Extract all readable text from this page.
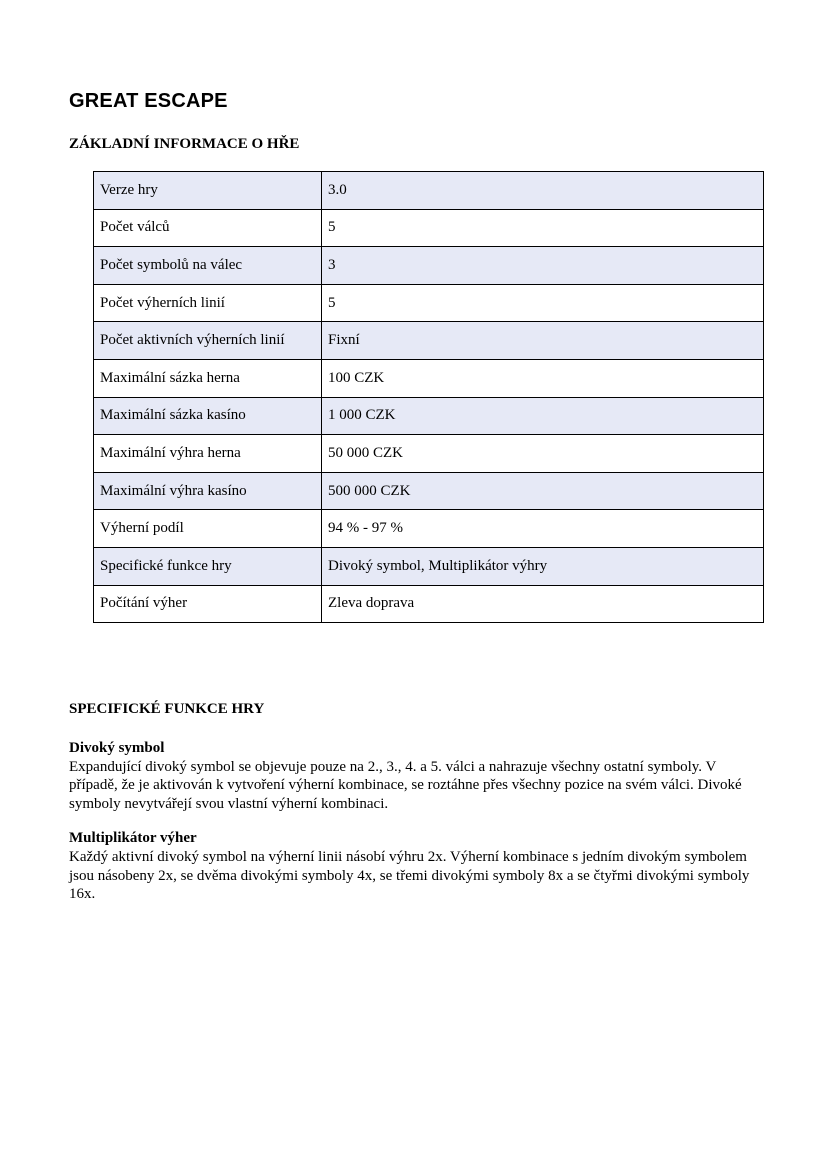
GREAT ESCAPE
ZÁKLADNÍ INFORMACE O HŘE
Verze hry	3.0
Počet válců	5
Počet symbolů na válec	3
Počet výherních linií	5
Počet aktivních výherních linií	Fixní
Maximální sázka herna	100 CZK
Maximální sázka kasíno	1 000 CZK
Maximální výhra herna	50 000 CZK
Maximální výhra kasíno	500 000 CZK
Výherní podíl	94 % - 97 %
Specifické funkce hry	Divoký symbol, Multiplikátor výhry
Počítání výher	Zleva doprava
SPECIFICKÉ FUNKCE HRY
Divoký symbol
Expandující divoký symbol se objevuje pouze na 2., 3., 4. a 5. válci a nahrazuje všechny ostatní symboly. V případě, že je aktivován k vytvoření výherní kombinace, se roztáhne přes všechny pozice na svém válci. Divoké symboly nevytvářejí svou vlastní výherní kombinaci.
Multiplikátor výher
Každý aktivní divoký symbol na výherní linii násobí výhru 2x. Výherní kombinace s jedním divokým symbolem jsou násobeny 2x, se dvěma divokými symboly 4x, se třemi divokými symboly 8x a se čtyřmi divokými symboly 16x.
